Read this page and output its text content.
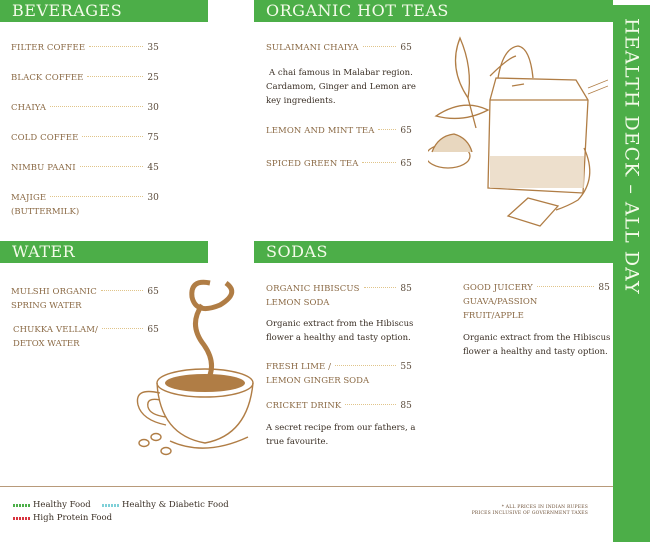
HEALTH DECK – ALL DAY
BEVERAGES	ORGANIC HOT TEAS
WATER	SODAS
FILTER COFFEE	35
BLACK COFFEE	25
CHAIYA	30
COLD COFFEE	75
NIMBU PAANI	45
MAJIGE	30
(BUTTERMILK)
SULAIMANI CHAIYA	65
A chai famous in Malabar region.
Cardamom, Ginger and Lemon are
key ingredients.
LEMON AND MINT TEA	65
SPICED GREEN TEA	65
MULSHI ORGANIC	65
SPRING WATER
CHUKKA VELLAM/	65
DETOX WATER
ORGANIC HIBISCUS	85
LEMON SODA
Organic extract from the Hibiscus
flower a healthy and tasty option.
FRESH LIME /	55
LEMON GINGER SODA
CRICKET DRINK	85
A secret recipe from our fathers, a
true favourite.
GOOD JUICERY	85
GUAVA/PASSION
FRUIT/APPLE
Organic extract from the Hibiscus
flower a healthy and tasty option.
Healthy Food	Healthy & Diabetic Food
High Protein Food
* ALL PRICES IN INDIAN RUPEES
PRICES INCLUSIVE OF GOVERNMENT TAXES
